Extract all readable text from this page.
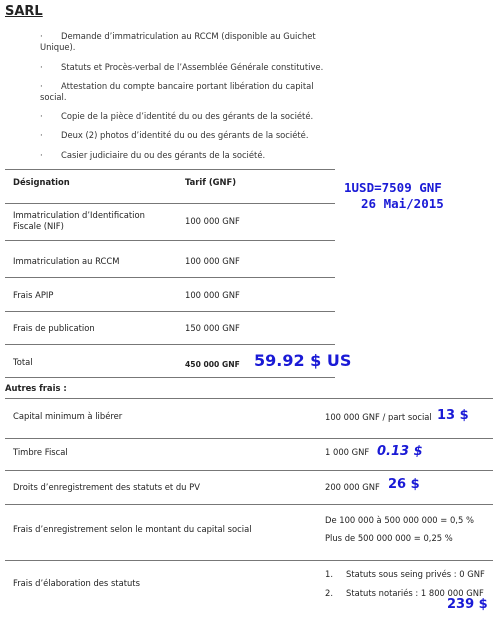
SARL
·	Demande d’immatriculation au RCCM (disponible au Guichet Unique).
·	Statuts et Procès-verbal de l’Assemblée Générale constitutive.
·	Attestation du compte bancaire portant libération du capital social.
·	Copie de la pièce d’identité du ou des gérants de la société.
·	Deux (2) photos d’identité du ou des gérants de la société.
·	Casier judiciaire du ou des gérants de la société.
Désignation	Tarif (GNF)
Immatriculation d’Identification Fiscale (NIF)	100 000 GNF
Immatriculation au RCCM	100 000 GNF
Frais APIP	100 000 GNF
Frais de publication	150 000 GNF
Total	450 000 GNF 59.92 $ US
1USD=7509 GNF
26 Mai/2015
Autres frais :
Capital minimum à libérer	100 000 GNF / part social 13 $
Timbre Fiscal	1 000 GNF 0.13 $
Droits d’enregistrement des statuts et du PV	200 000 GNF 26 $
Frais d’enregistrement selon le montant du capital social
De 100 000 à 500 000 000 = 0,5 %
Plus de 500 000 000 = 0,25 %
Frais d’élaboration des statuts
1. Statuts sous seing privés : 0 GNF
2. Statuts notariés : 1 800 000 GNF
239 $
